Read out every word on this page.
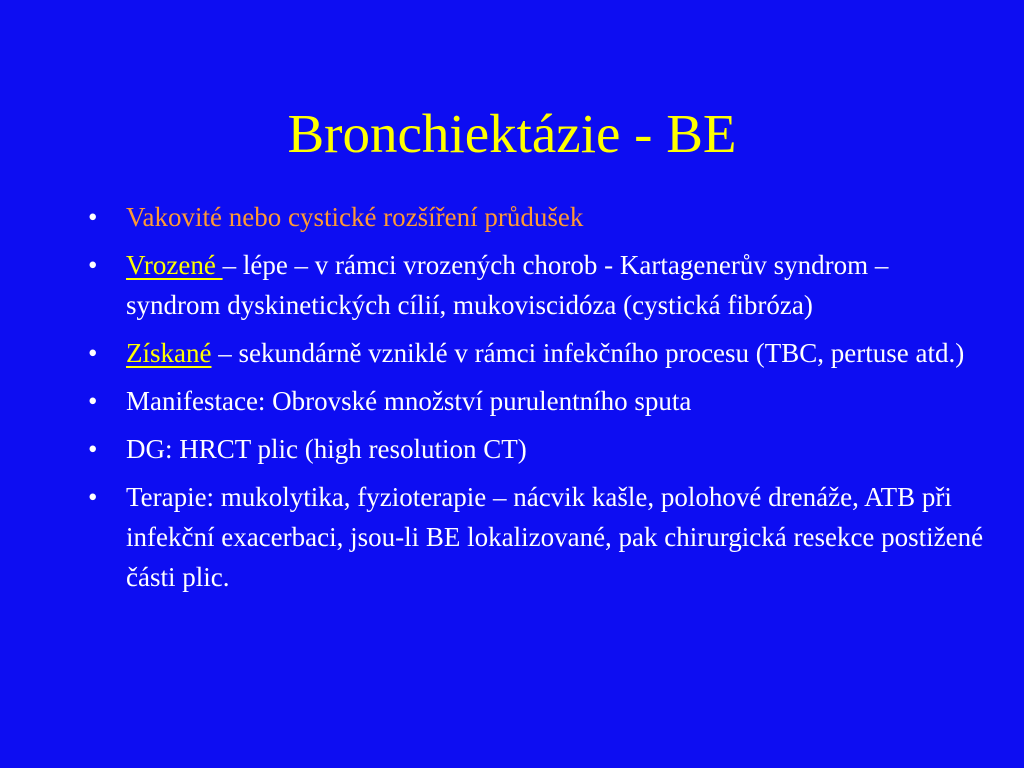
Bronchiektázie - BE
• Vakovité nebo cystické rozšíření průdušek
• Vrozené – lépe – v rámci vrozených chorob - Kartagenerův syndrom – syndrom dyskinetických cílií, mukoviscidóza (cystická fibróza)
• Získané – sekundárně vzniklé v rámci infekčního procesu (TBC, pertuse atd.)
• Manifestace: Obrovské množství purulentního sputa
• DG: HRCT plic (high resolution CT)
• Terapie: mukolytika, fyzioterapie – nácvik kašle, polohové drenáže, ATB při infekční exacerbaci, jsou-li BE lokalizované, pak chirurgická resekce postižené části plic.
